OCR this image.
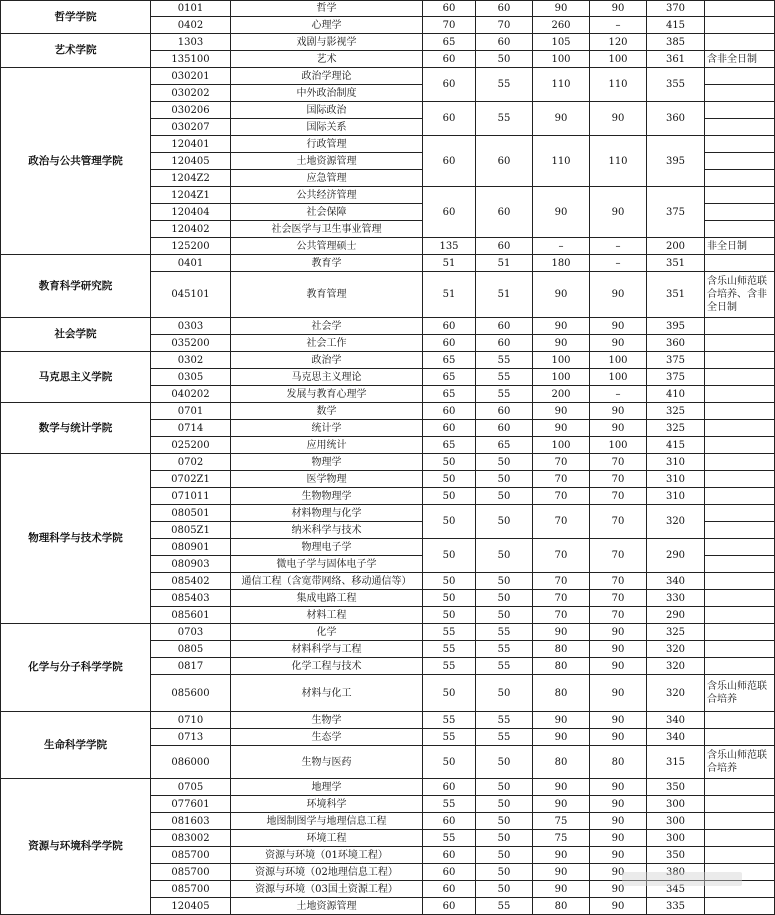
哲学学院	0101	哲学	60	60	90	90	370	
	0402	心理学	70	70	260	–	415	
艺术学院	1303	戏剧与影视学	65	60	105	120	385	
	135100	艺术	60	50	100	100	361	含非全日制
政治与公共管理学院	030201	政治学理论	60	55	110	110	355	
	030202	中外政治制度						
	030206	国际政治	60	55	90	90	360	
	030207	国际关系						
	120401	行政管理	60	60	110	110	395	
	120405	土地资源管理						
	1204Z2	应急管理						
	1204Z1	公共经济管理	60	60	90	90	375	
	120404	社会保障						
	120402	社会医学与卫生事业管理						
	125200	公共管理硕士	135	60	–	–	200	非全日制
教育科学研究院	0401	教育学	51	51	180	–	351	
	045101	教育管理	51	51	90	90	351	含乐山师范联合培养、含非全日制
社会学院	0303	社会学	60	60	90	90	395	
	035200	社会工作	60	60	90	90	360	
马克思主义学院	0302	政治学	65	55	100	100	375	
	0305	马克思主义理论	65	55	100	100	375	
	040202	发展与教育心理学	65	55	200	–	410	
数学与统计学院	0701	数学	60	60	90	90	325	
	0714	统计学	60	60	90	90	325	
	025200	应用统计	65	65	100	100	415	
物理科学与技术学院	0702	物理学	50	50	70	70	310	
	0702Z1	医学物理	50	50	70	70	310	
	071011	生物物理学	50	50	70	70	310	
	080501	材料物理与化学	50	50	70	70	320	
	0805Z1	纳米科学与技术						
	080901	物理电子学	50	50	70	70	290	
	080903	微电子学与固体电子学						
	085402	通信工程（含宽带网络、移动通信等）	50	50	70	70	340	
	085403	集成电路工程	50	50	70	70	330	
	085601	材料工程	50	50	70	70	290	
化学与分子科学学院	0703	化学	55	55	90	90	325	
	0805	材料科学与工程	55	55	80	90	320	
	0817	化学工程与技术	55	55	80	90	320	
	085600	材料与化工	50	50	80	90	320	含乐山师范联合培养
生命科学学院	0710	生物学	55	55	90	90	340	
	0713	生态学	55	55	90	90	340	
	086000	生物与医药	50	50	80	80	315	含乐山师范联合培养
资源与环境科学学院	0705	地理学	60	50	90	90	350	
	077601	环境科学	55	50	90	90	300	
	081603	地图制图学与地理信息工程	60	50	75	90	300	
	083002	环境工程	55	50	75	90	300	
	085700	资源与环境（01环境工程）	60	50	90	90	350	
	085700	资源与环境（02地理信息工程）	60	50	90	90	380	
	085700	资源与环境（03国土资源工程）	60	50	90	90	345	
	120405	土地资源管理	60	55	80	90	335	
